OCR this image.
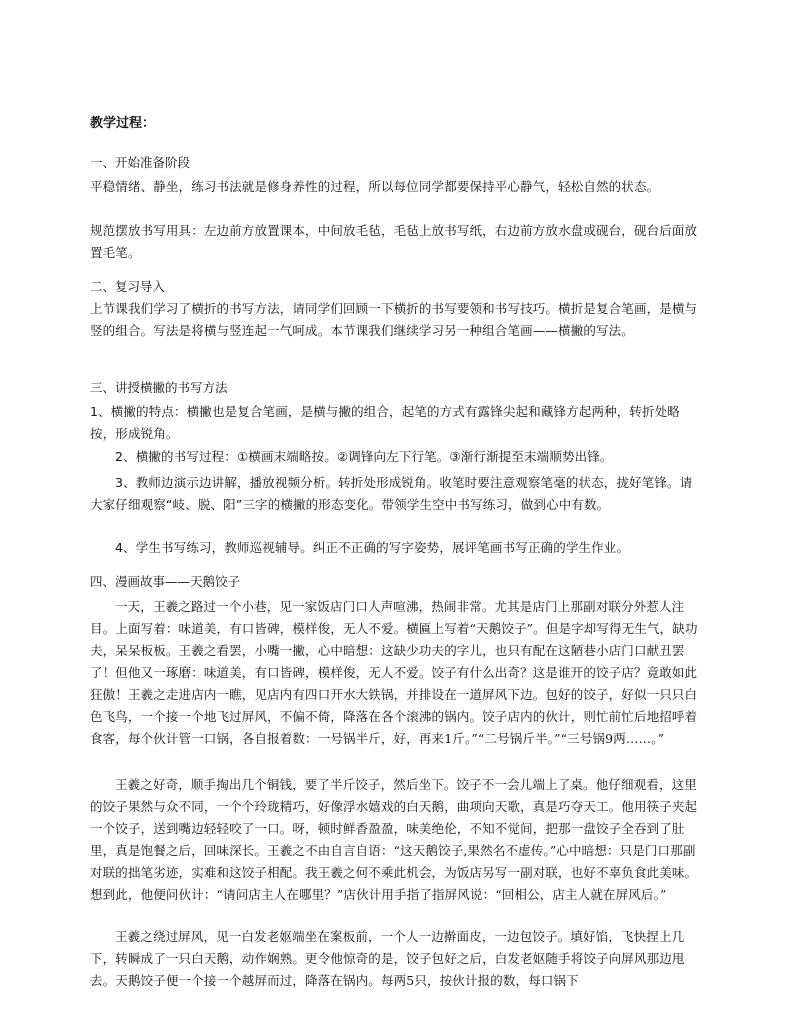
教学过程：

一、开始准备阶段

平稳情绪、静坐，练习书法就是修身养性的过程，所以每位同学都要保持平心静气，轻松自然的状态。

规范摆放书写用具：左边前方放置课本，中间放毛毡，毛毡上放书写纸，右边前方放水盘或砚台，砚台后面放置毛笔。

二、复习导入

上节课我们学习了横折的书写方法，请同学们回顾一下横折的书写要领和书写技巧。横折是复合笔画，是横与竖的组合。写法是将横与竖连起一气呵成。本节课我们继续学习另一种组合笔画——横撇的写法。

三、讲授横撇的书写方法

1、横撇的特点：横撇也是复合笔画，是横与撇的组合，起笔的方式有露锋尖起和藏锋方起两种，转折处略按，形成锐角。

2、横撇的书写过程：①横画末端略按。②调锋向左下行笔。③渐行渐提至末端顺势出锋。

3、教师边演示边讲解，播放视频分析。转折处形成锐角。收笔时要注意观察笔毫的状态，拢好笔锋。请大家仔细观察“岐、脱、阳”三字的横撇的形态变化。带领学生空中书写练习，做到心中有数。

4、学生书写练习，教师巡视辅导。纠正不正确的写字姿势，展评笔画书写正确的学生作业。

四、漫画故事——天鹅饺子

一天，王羲之路过一个小巷，见一家饭店门口人声喧沸，热闹非常。尤其是店门上那副对联分外惹人注目。上面写着：味道美，有口皆碑，模样俊，无人不爱。横匾上写着“天鹅饺子”。但是字却写得无生气，缺功夫，呆呆板板。王羲之看罢，小嘴一撇，心中暗想：这缺少功夫的字儿，也只有配在这陋巷小店门口献丑罢了！但他又一琢磨：味道美，有口皆碑，模样俊，无人不爱。饺子有什么出奇？这是谁开的饺子店？竟敢如此狂傲！王羲之走进店内一瞧，见店内有四口开水大铁锅，并排设在一道屏风下边。包好的饺子，好似一只只白色飞鸟，一个接一个地飞过屏风，不偏不倚，降落在各个滚沸的锅内。饺子店内的伙计，则忙前忙后地招呼着食客，每个伙计管一口锅，各自报着数：一号锅半斤，好，再来1斤。”“二号锅斤半。”“三号锅9两……。”

王羲之好奇，顺手掏出几个铜钱，要了半斤饺子，然后坐下。饺子不一会儿端上了桌。他仔细观看，这里的饺子果然与众不同，一个个玲珑精巧，好像浮水嬉戏的白天鹅，曲项向天歌，真是巧夺天工。他用筷子夹起一个饺子，送到嘴边轻轻咬了一口。呀，顿时鲜香盈盈，味美绝伦，不知不觉间，把那一盘饺子全吞到了肚里，真是饱餐之后，回味深长。王羲之不由自言自语：“这天鹅饺子,果然名不虚传。”心中暗想：只是门口那副对联的拙笔劣迹，实难和这饺子相配。我王羲之何不乘此机会，为饭店另写一副对联，也好不辜负食此美味。想到此，他便问伙计：“请问店主人在哪里？”店伙计用手指了指屏风说：“回相公，店主人就在屏风后。”

王羲之绕过屏风，见一白发老妪端坐在案板前，一个人一边擀面皮，一边包饺子。填好馅，飞快捏上几下，转瞬成了一只白天鹅，动作娴熟。更令他惊奇的是，饺子包好之后，白发老妪随手将饺子向屏风那边甩去。天鹅饺子便一个接一个越屏而过，降落在锅内。每两5只，按伙计报的数，每口锅下
